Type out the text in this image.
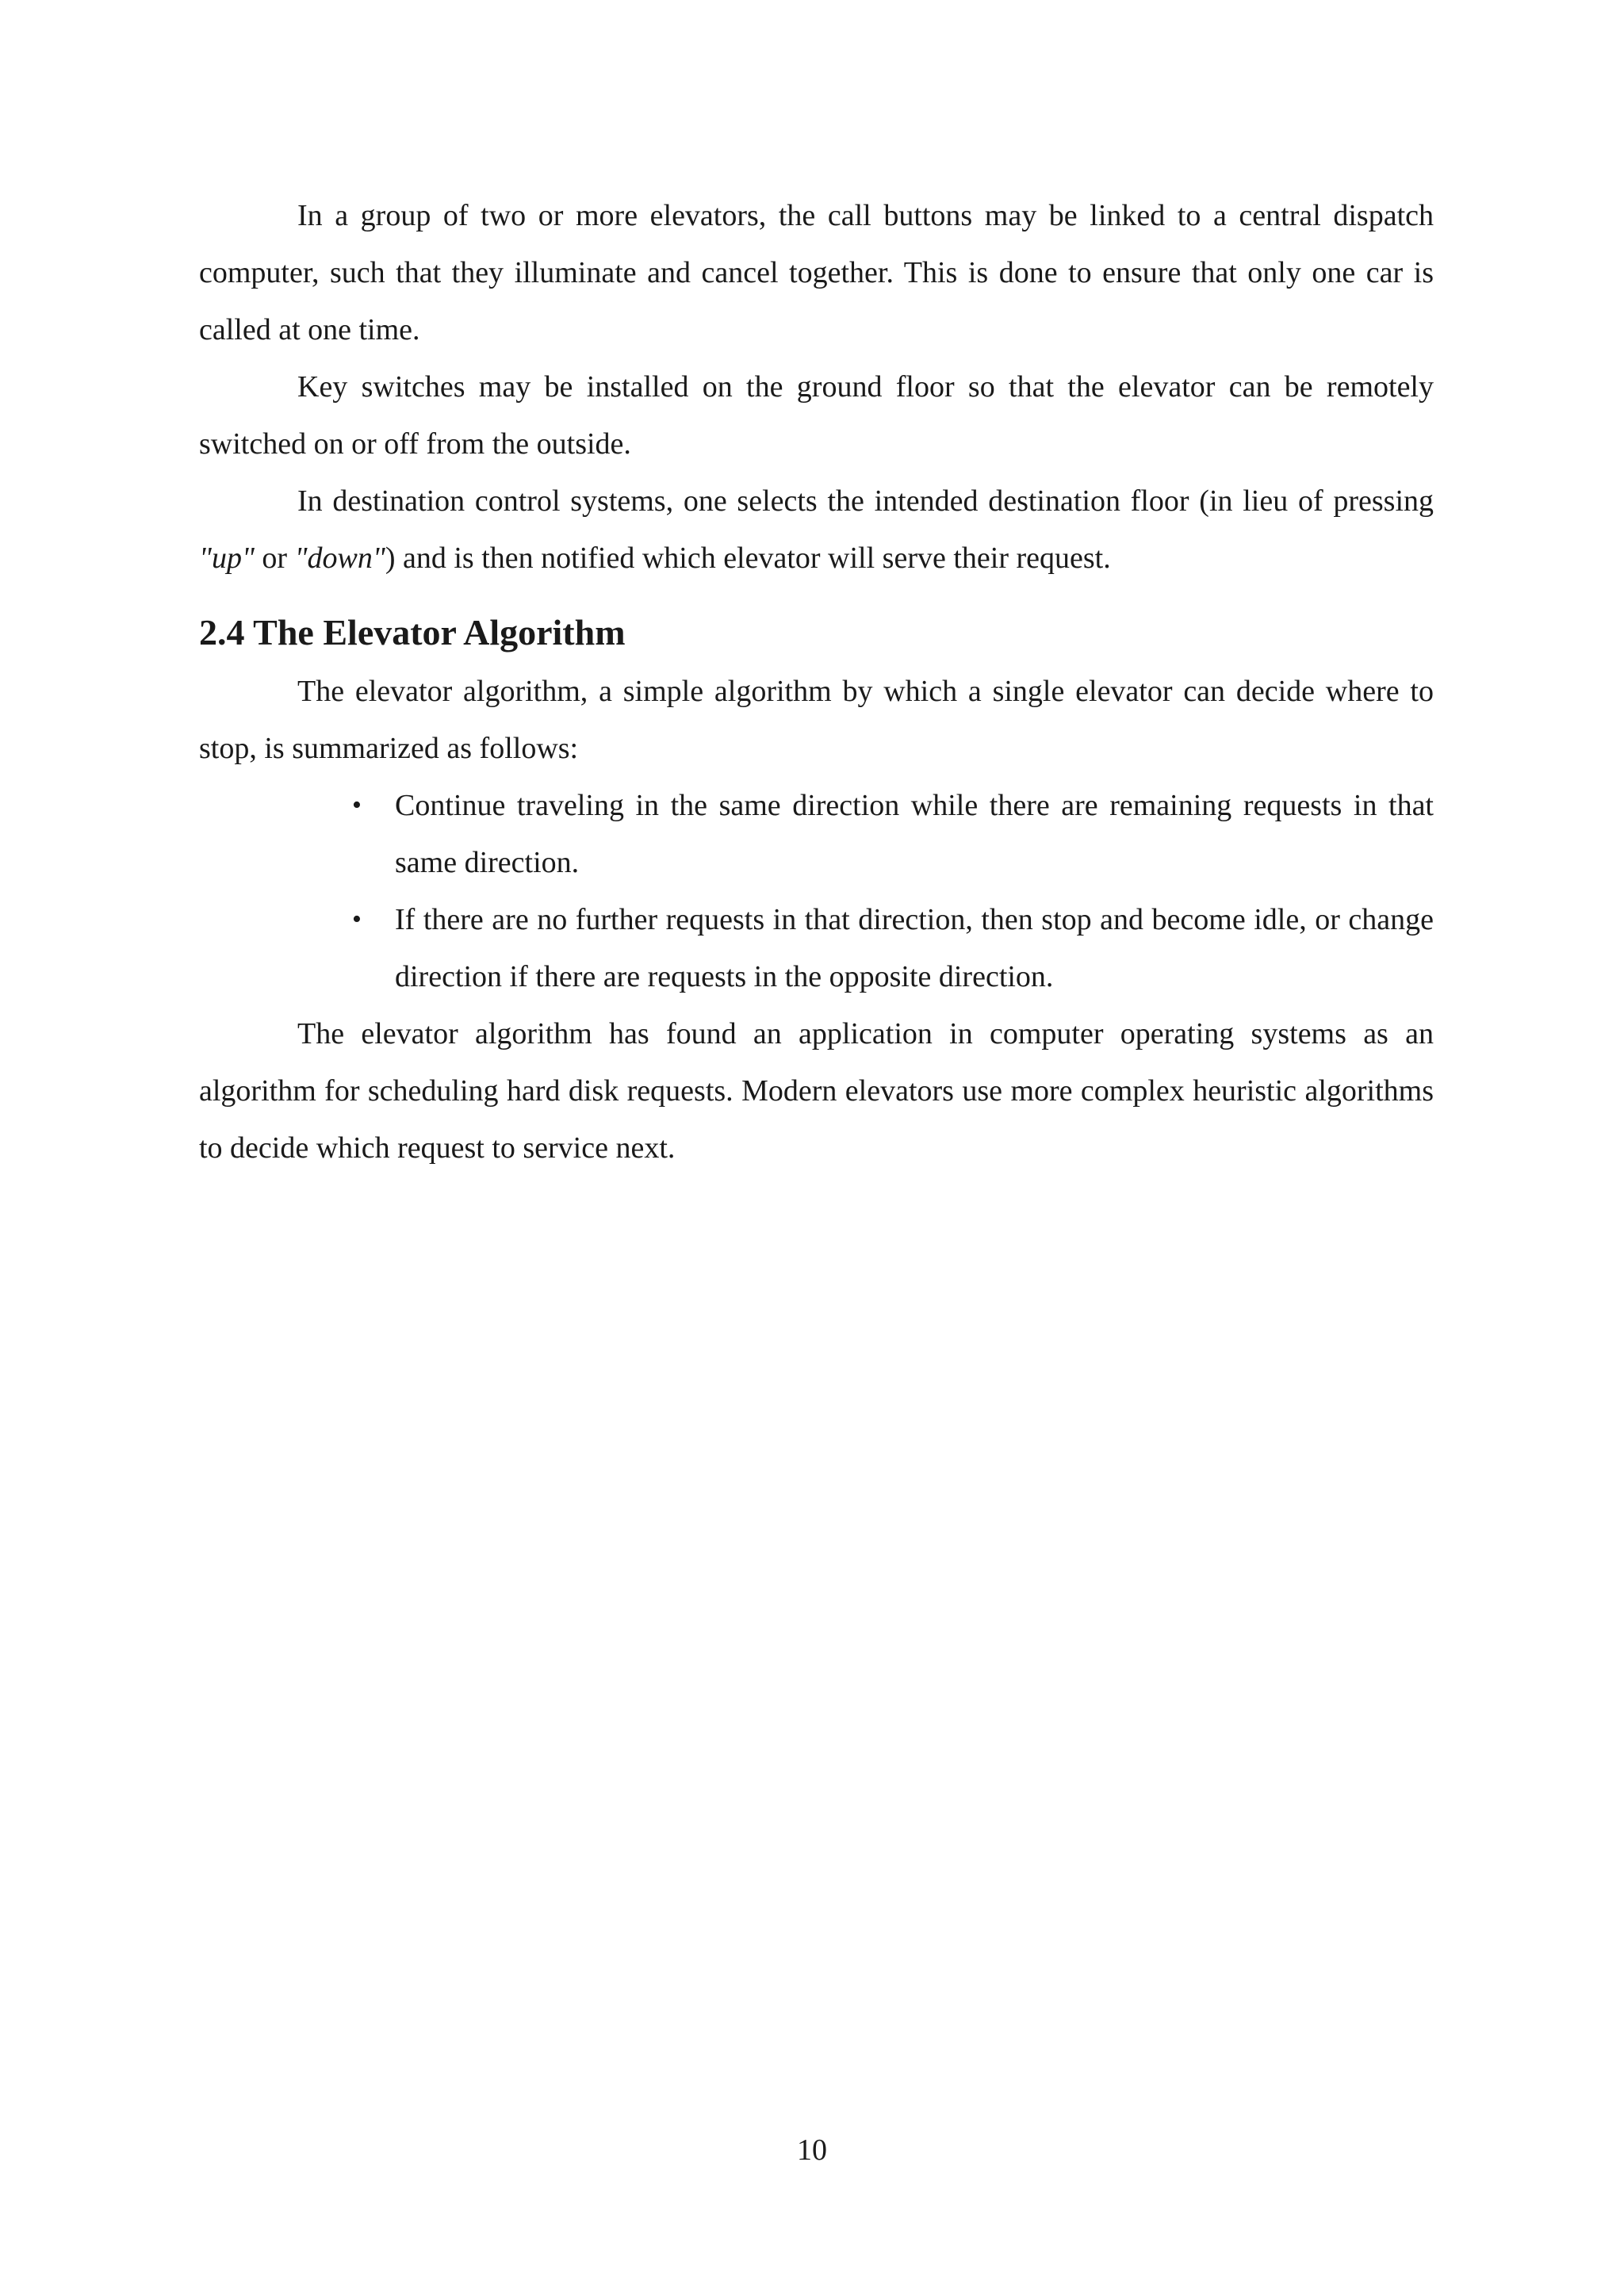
In a group of two or more elevators, the call buttons may be linked to a central dispatch computer, such that they illuminate and cancel together. This is done to ensure that only one car is called at one time.

Key switches may be installed on the ground floor so that the elevator can be remotely switched on or off from the outside.

In destination control systems, one selects the intended destination floor (in lieu of pressing "up" or "down") and is then notified which elevator will serve their request.

2.4 The Elevator Algorithm

The elevator algorithm, a simple algorithm by which a single elevator can decide where to stop, is summarized as follows:

• Continue traveling in the same direction while there are remaining requests in that same direction.
• If there are no further requests in that direction, then stop and become idle, or change direction if there are requests in the opposite direction.

The elevator algorithm has found an application in computer operating systems as an algorithm for scheduling hard disk requests. Modern elevators use more complex heuristic algorithms to decide which request to service next.

10
